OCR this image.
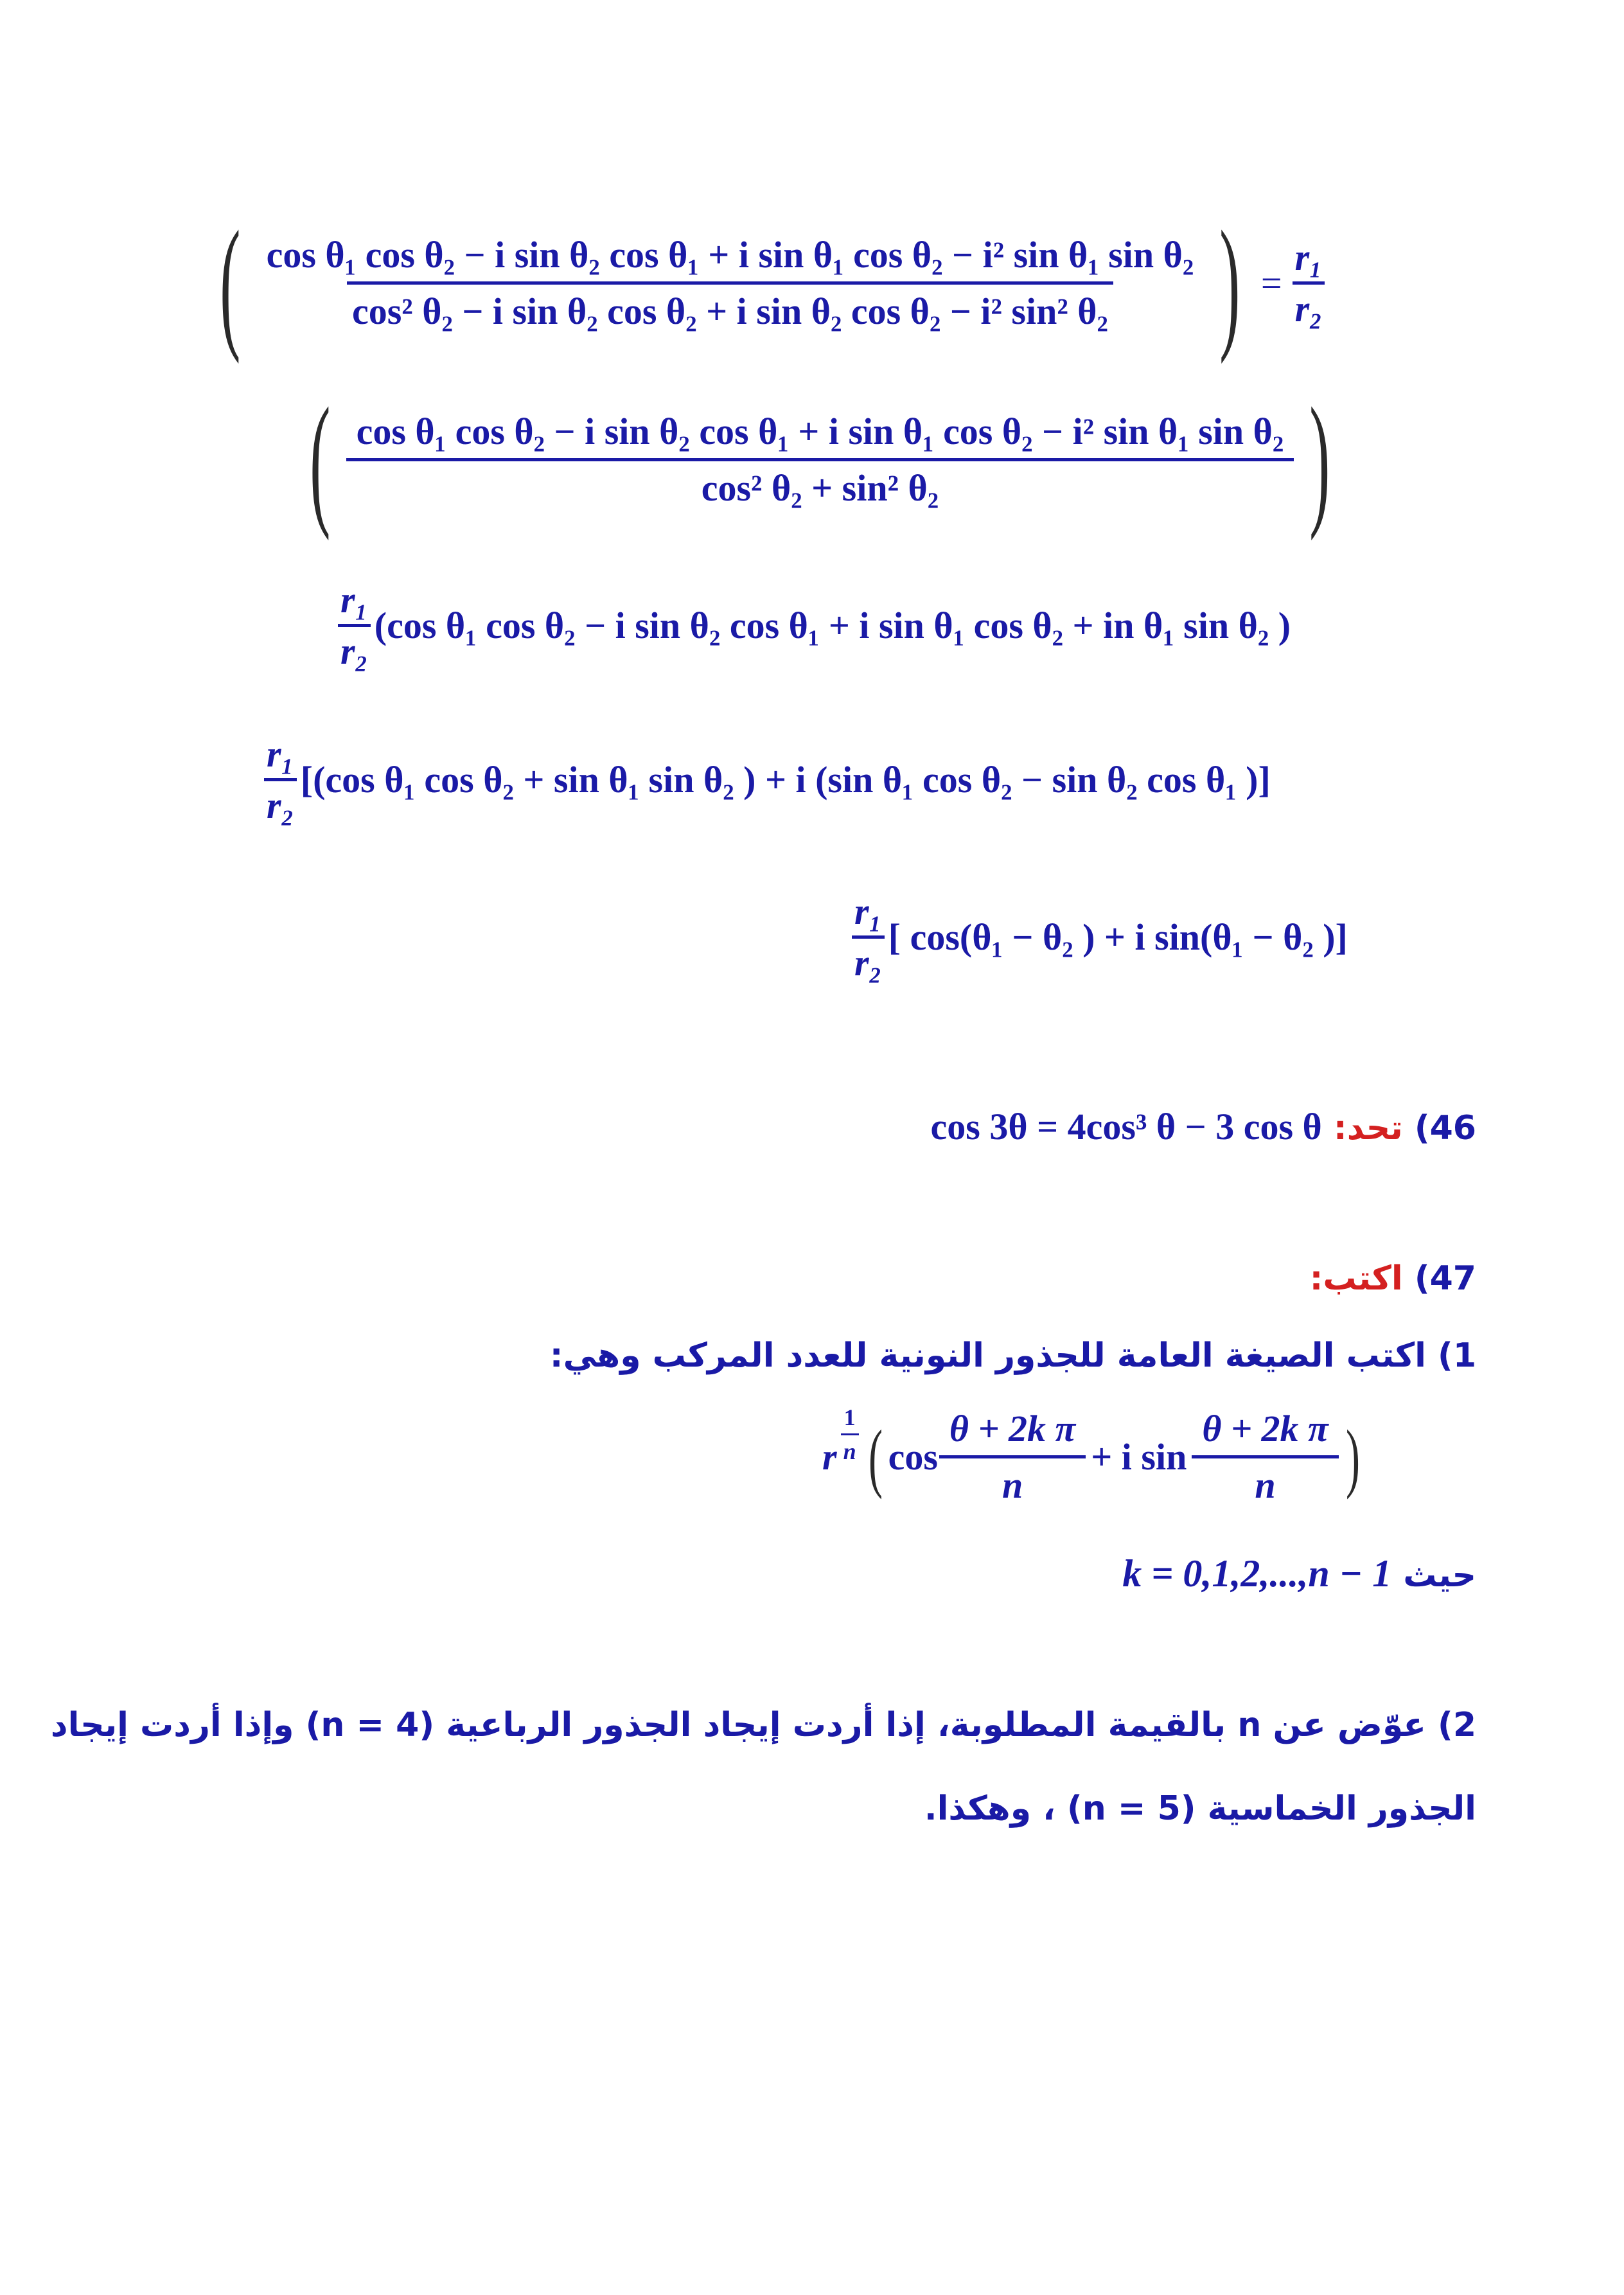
( cos θ₁ cos θ₂ − i sin θ₂ cos θ₁ + i sin θ₁ cos θ₂ − i² sin θ₁ sin θ₂
cos² θ₂ − i sin θ₂ cos θ₂ + i sin θ₂ cos θ₂ − i² sin² θ₂ ) = $\frac{\text{r₁}}{\text{r₂}}$
( cos θ₁ cos θ₂ − i sin θ₂ cos θ₁ + i sin θ₁ cos θ₂ − i² sin θ₁ sin θ₂
cos² θ₂ + sin² θ₂	)
r₁
r₂
(cos θ₁ cos θ₂ − i sin θ₂ cos θ₁ + i sin θ₁ cos θ₂ + in θ₁ sin θ₂ )
r₁
r₂
[(cos θ₁ cos θ₂ + sin θ₁ sin θ₂ ) + i (sin θ₁ cos θ₂ − sin θ₂ cos θ₁ )]
r₁
r₂
[ cos(θ₁ − θ₂ ) + i sin(θ₁ − θ₂ )]
46) تحد: cos 3θ = 4cos³ θ − 3 cos θ
47) اكتب:
1) اكتب الصيغة العامة للجذور النونية للعدد المركب وهي:
r $\frac{1}{n}$ ( $\cos \frac{\text{θ + 2k π}}{n} + i$ $\sin \frac{\text{θ + 2k π}}{n}$ )
حيث k = 0,1,2,...,n − 1
2) عوّض عن n بالقيمة المطلوبة، إذا أردت إيجاد الجذور الرباعية (n = 4) وإذا أردت إيجاد
الجذور الخماسية (n = 5) ، وهكذا.
